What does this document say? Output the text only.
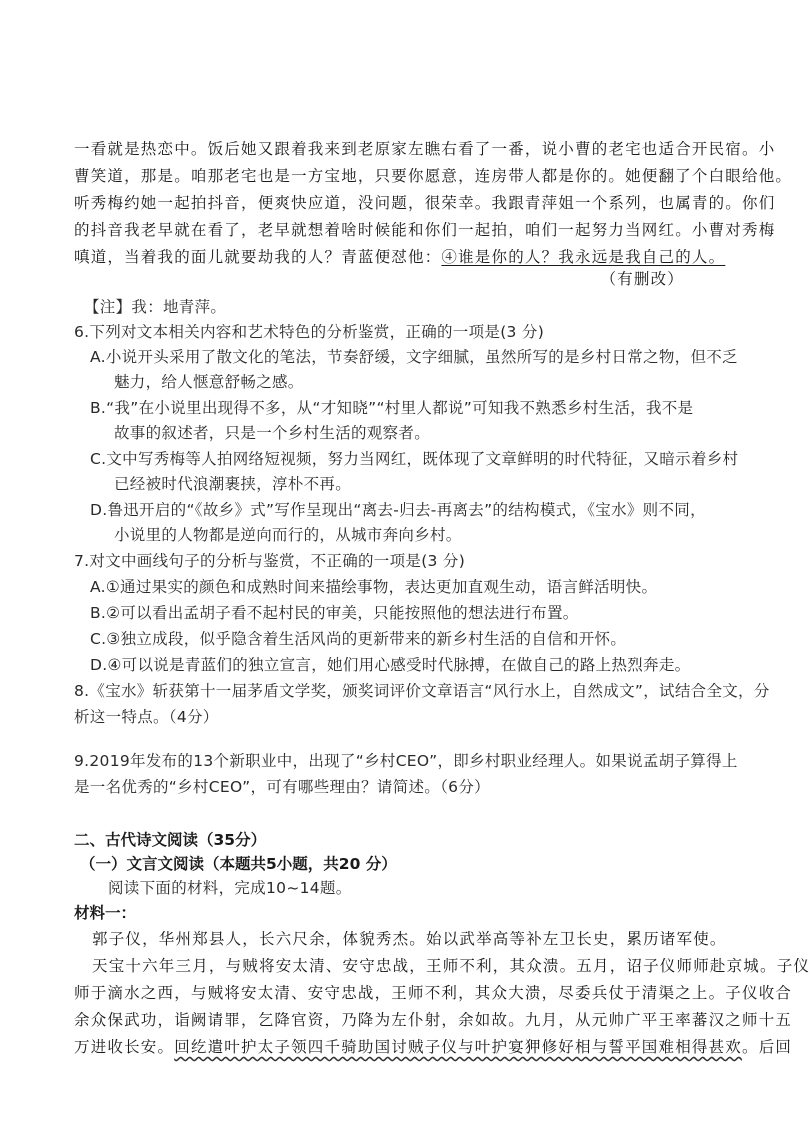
一看就是热恋中。饭后她又跟着我来到老原家左瞧右看了一番，说小曹的老宅也适合开民宿。小
曹笑道，那是。咱那老宅也是一方宝地，只要你愿意，连房带人都是你的。她便翻了个白眼给他。
听秀梅约她一起拍抖音，便爽快应道，没问题，很荣幸。我跟青萍姐一个系列，也属青的。你们
的抖音我老早就在看了，老早就想着啥时候能和你们一起拍，咱们一起努力当网红。小曹对秀梅
嗔道，当着我的面儿就要劫我的人？青蓝便怼他：④谁是你的人？我永远是我自己的人。
（有删改）
【注】我：地青萍。
6.下列对文本相关内容和艺术特色的分析鉴赏，正确的一项是(3 分)
A.小说开头采用了散文化的笔法，节奏舒缓，文字细腻，虽然所写的是乡村日常之物，但不乏
魅力，给人惬意舒畅之感。
B.“我”在小说里出现得不多，从“才知晓”“村里人都说”可知我不熟悉乡村生活，我不是
故事的叙述者，只是一个乡村生活的观察者。
C.文中写秀梅等人拍网络短视频，努力当网红，既体现了文章鲜明的时代特征，又暗示着乡村
已经被时代浪潮裹挟，淳朴不再。
D.鲁迅开启的“《故乡》式”写作呈现出“离去-归去-再离去”的结构模式，《宝水》则不同，
小说里的人物都是逆向而行的，从城市奔向乡村。
7.对文中画线句子的分析与鉴赏，不正确的一项是(3 分)
A.①通过果实的颜色和成熟时间来描绘事物，表达更加直观生动，语言鲜活明快。
B.②可以看出孟胡子看不起村民的审美，只能按照他的想法进行布置。
C.③独立成段，似乎隐含着生活风尚的更新带来的新乡村生活的自信和开怀。
D.④可以说是青蓝们的独立宣言，她们用心感受时代脉搏，在做自己的路上热烈奔走。
8.《宝水》斩获第十一届茅盾文学奖，颁奖词评价文章语言“风行水上，自然成文”，试结合全文，分
析这一特点。（4分）
9.2019年发布的13个新职业中，出现了“乡村CEO”，即乡村职业经理人。如果说孟胡子算得上
是一名优秀的“乡村CEO”，可有哪些理由？请简述。（6分）
二、古代诗文阅读（35分）
（一）文言文阅读（本题共5小题，共20 分）
阅读下面的材料，完成10~14题。
材料一：
郭子仪，华州郑县人，长六尺余，体貌秀杰。始以武举高等补左卫长史，累历诸军使。
天宝十六年三月，与贼将安太清、安守忠战，王师不利，其众溃。五月，诏子仪师师赴京城。子仪
师于滴水之西，与贼将安太清、安守忠战，王师不利，其众大溃，尽委兵仗于清渠之上。子仪收合
余众保武功，诣阙请罪，乞降官资，乃降为左仆射，余如故。九月，从元帅广平王率蕃汉之师十五
万进收长安。回纥遣叶护太子领四千骑助国讨贼子仪与叶护宴狎修好相与誓平国难相得甚欢。后回
